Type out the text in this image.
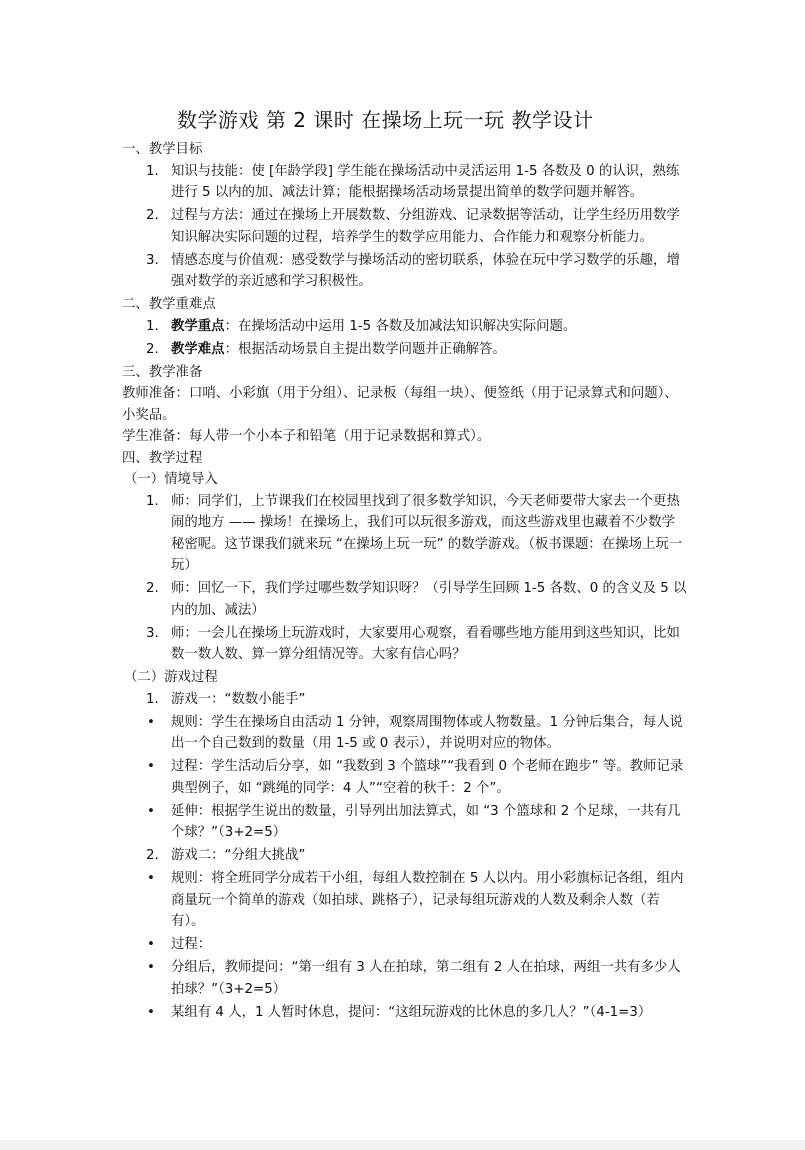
数学游戏 第 2 课时 在操场上玩一玩 教学设计

一、教学目标

1. 知识与技能：使 [年龄学段] 学生能在操场活动中灵活运用 1-5 各数及 0 的认识，熟练进行 5 以内的加、减法计算；能根据操场活动场景提出简单的数学问题并解答。
2. 过程与方法：通过在操场上开展数数、分组游戏、记录数据等活动，让学生经历用数学知识解决实际问题的过程，培养学生的数学应用能力、合作能力和观察分析能力。
3. 情感态度与价值观：感受数学与操场活动的密切联系，体验在玩中学习数学的乐趣，增强对数学的亲近感和学习积极性。

二、教学重难点

1. 教学重点：在操场活动中运用 1-5 各数及加减法知识解决实际问题。
2. 教学难点：根据活动场景自主提出数学问题并正确解答。

三、教学准备

教师准备：口哨、小彩旗（用于分组）、记录板（每组一块）、便签纸（用于记录算式和问题）、小奖品。

学生准备：每人带一个小本子和铅笔（用于记录数据和算式）。

四、教学过程

（一）情境导入

1. 师：同学们，上节课我们在校园里找到了很多数学知识，今天老师要带大家去一个更热闹的地方 —— 操场！在操场上，我们可以玩很多游戏，而这些游戏里也藏着不少数学秘密呢。这节课我们就来玩 “在操场上玩一玩” 的数学游戏。（板书课题：在操场上玩一玩）
2. 师：回忆一下，我们学过哪些数学知识呀？（引导学生回顾 1-5 各数、0 的含义及 5 以内的加、减法）
3. 师：一会儿在操场上玩游戏时，大家要用心观察，看看哪些地方能用到这些知识，比如数一数人数、算一算分组情况等。大家有信心吗？

（二）游戏过程

1. 游戏一：“数数小能手”
• 规则：学生在操场自由活动 1 分钟，观察周围物体或人物数量。1 分钟后集合，每人说出一个自己数到的数量（用 1-5 或 0 表示），并说明对应的物体。
• 过程：学生活动后分享，如 “我数到 3 个篮球”“我看到 0 个老师在跑步” 等。教师记录典型例子，如 “跳绳的同学：4 人”“空着的秋千：2 个”。
• 延伸：根据学生说出的数量，引导列出加法算式，如 “3 个篮球和 2 个足球，一共有几个球？”（3+2=5）
2. 游戏二：“分组大挑战”
• 规则：将全班同学分成若干小组，每组人数控制在 5 人以内。用小彩旗标记各组，组内商量玩一个简单的游戏（如拍球、跳格子），记录每组玩游戏的人数及剩余人数（若有）。
• 过程：
• 分组后，教师提问：“第一组有 3 人在拍球，第二组有 2 人在拍球，两组一共有多少人拍球？”（3+2=5）
• 某组有 4 人，1 人暂时休息，提问：“这组玩游戏的比休息的多几人？”（4-1=3）
